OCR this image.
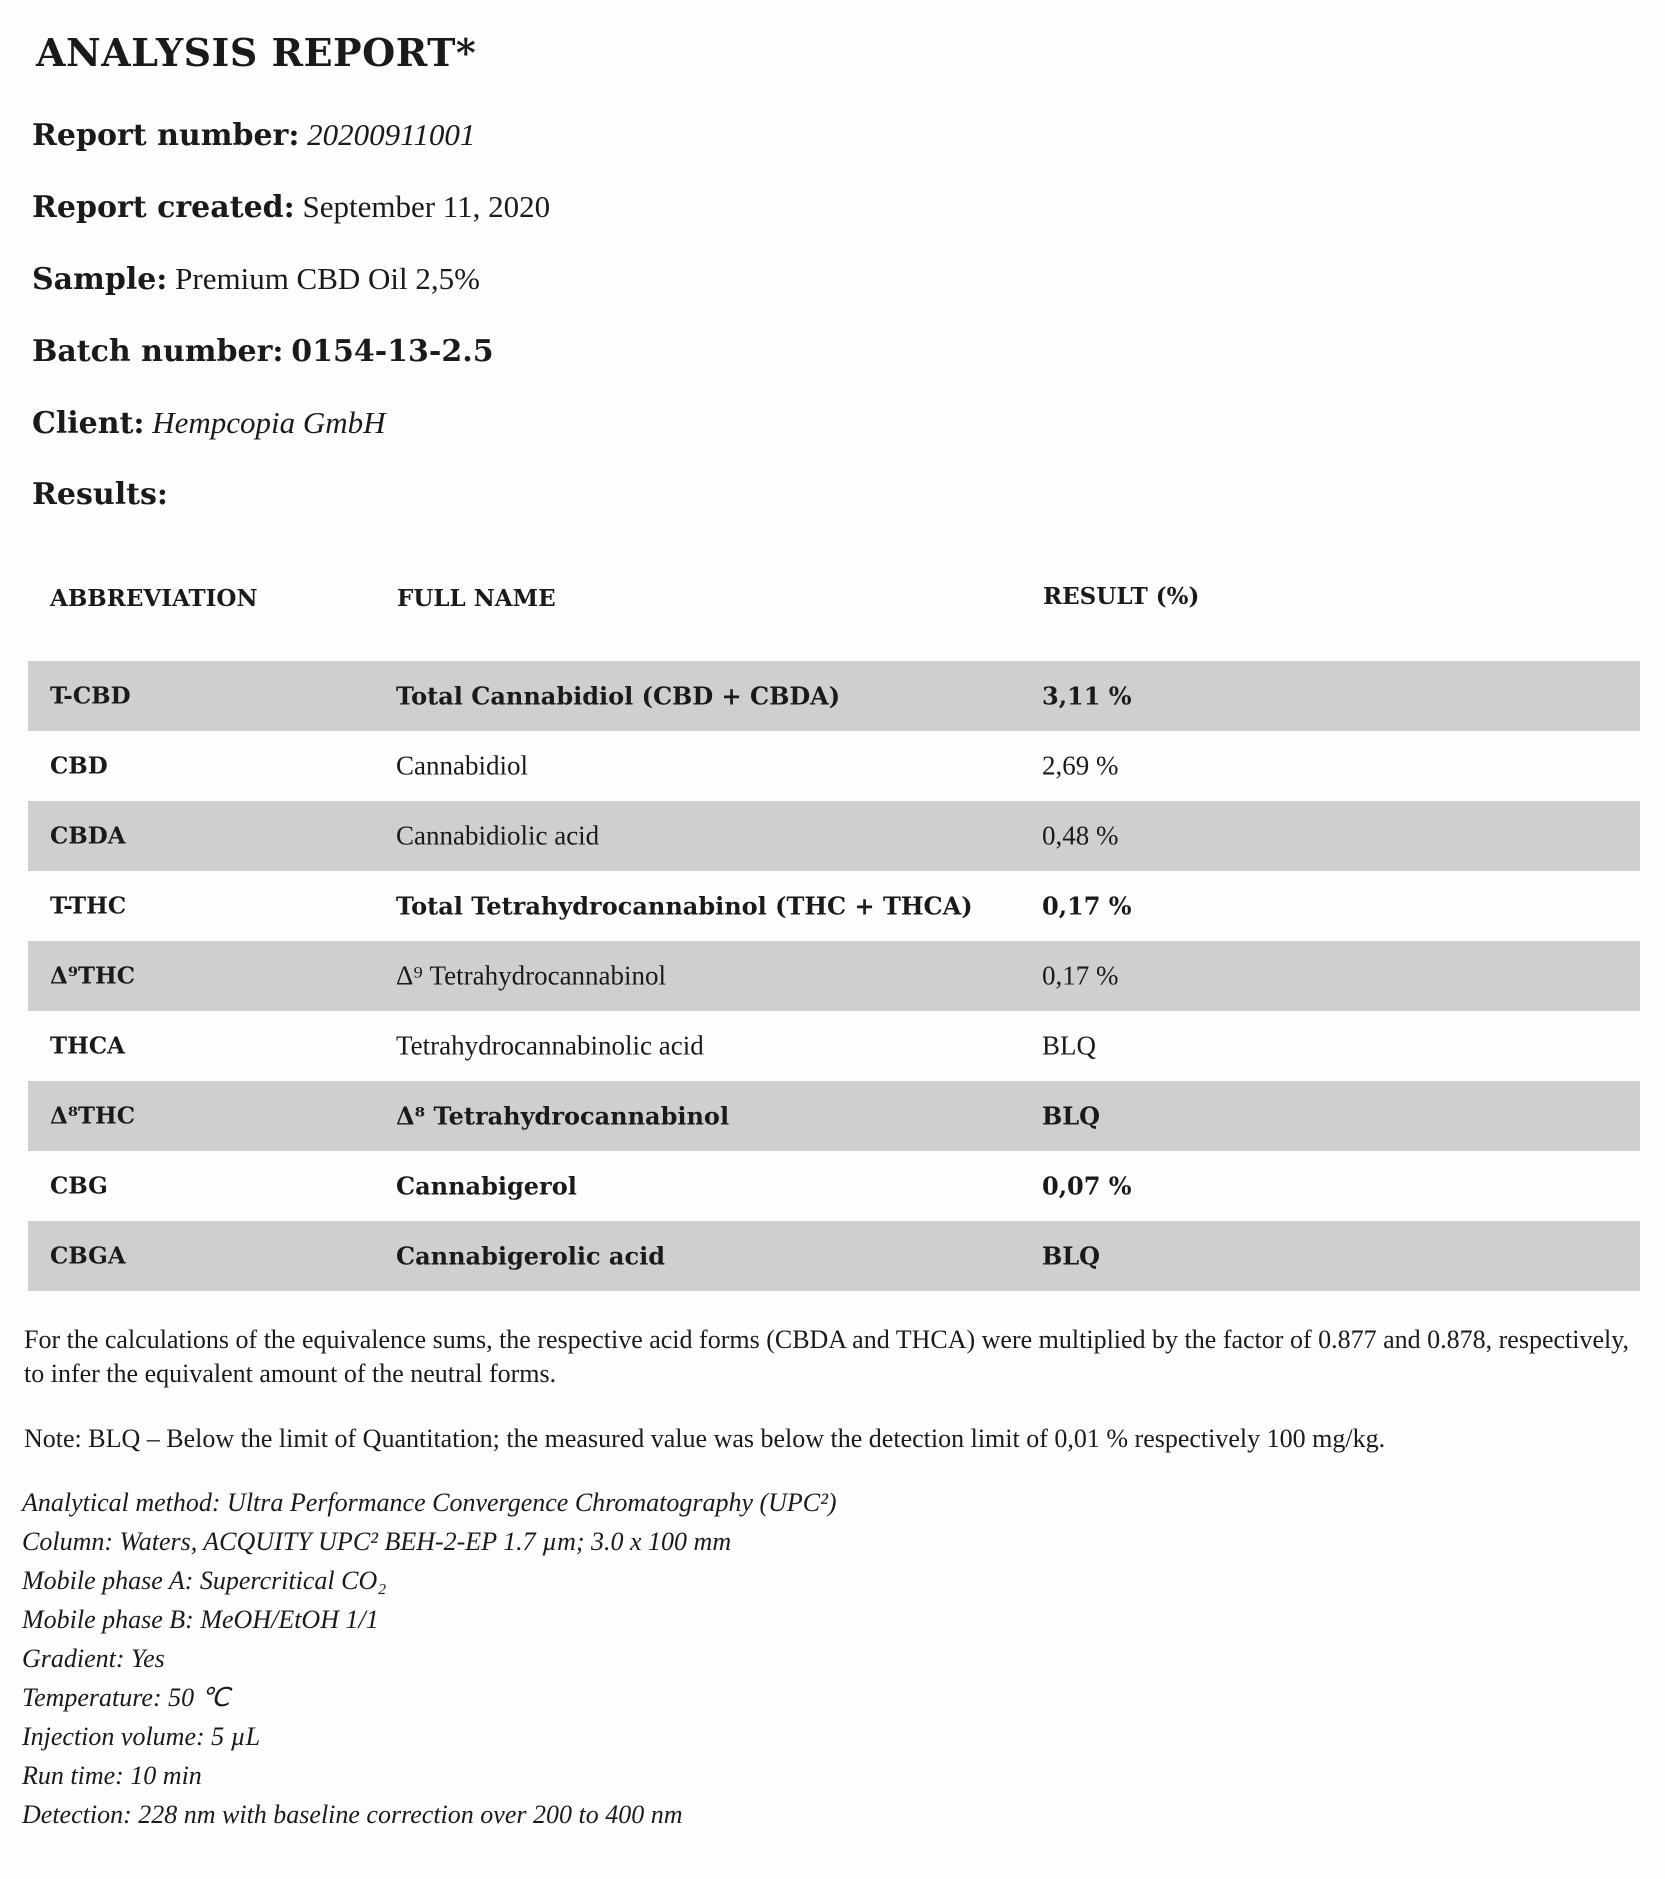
ANALYSIS REPORT*
Report number: 20200911001
Report created: September 11, 2020
Sample: Premium CBD Oil 2,5%
Batch number: 0154-13-2.5
Client: Hempcopia GmbH
Results:
ABBREVIATION	FULL NAME	RESULT (%)
T-CBD	Total Cannabidiol (CBD + CBDA)	3,11 %
CBD	Cannabidiol	2,69 %
CBDA	Cannabidiolic acid	0,48 %
T-THC	Total Tetrahydrocannabinol (THC + THCA)	0,17 %
Δ⁹THC	Δ⁹ Tetrahydrocannabinol	0,17 %
THCA	Tetrahydrocannabinolic acid	BLQ
Δ⁸THC	Δ⁸ Tetrahydrocannabinol	BLQ
CBG	Cannabigerol	0,07 %
CBGA	Cannabigerolic acid	BLQ
For the calculations of the equivalence sums, the respective acid forms (CBDA and THCA) were multiplied by the factor of 0.877 and 0.878, respectively, to infer the equivalent amount of the neutral forms.
Note: BLQ – Below the limit of Quantitation; the measured value was below the detection limit of 0,01 % respectively 100 mg/kg.
Analytical method: Ultra Performance Convergence Chromatography (UPC²)
Column: Waters, ACQUITY UPC² BEH-2-EP 1.7 µm; 3.0 x 100 mm
Mobile phase A: Supercritical CO₂
Mobile phase B: MeOH/EtOH 1/1
Gradient: Yes
Temperature: 50 ℃
Injection volume: 5 µL
Run time: 10 min
Detection: 228 nm with baseline correction over 200 to 400 nm
